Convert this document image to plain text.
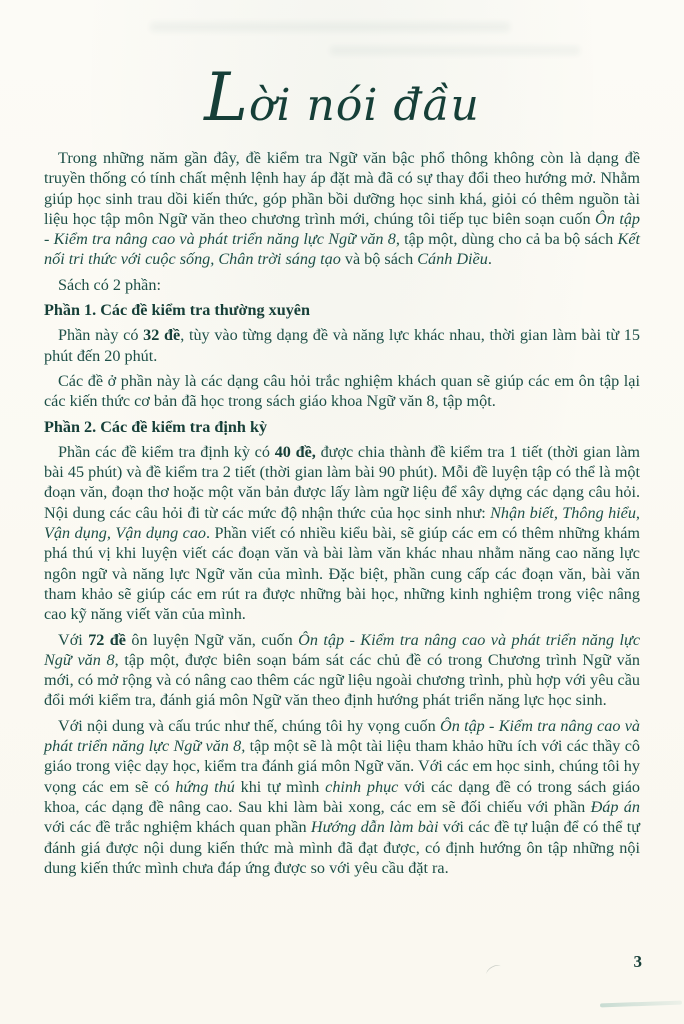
Lời nói đầu

Trong những năm gần đây, đề kiểm tra Ngữ văn bậc phổ thông không còn là dạng đề truyền thống có tính chất mệnh lệnh hay áp đặt mà đã có sự thay đổi theo hướng mở. Nhằm giúp học sinh trau dồi kiến thức, góp phần bồi dưỡng học sinh khá, giỏi có thêm nguồn tài liệu học tập môn Ngữ văn theo chương trình mới, chúng tôi tiếp tục biên soạn cuốn Ôn tập - Kiểm tra nâng cao và phát triển năng lực Ngữ văn 8, tập một, dùng cho cả ba bộ sách Kết nối tri thức với cuộc sống, Chân trời sáng tạo và bộ sách Cánh Diều.

Sách có 2 phần:

Phần 1. Các đề kiểm tra thường xuyên

Phần này có 32 đề, tùy vào từng dạng đề và năng lực khác nhau, thời gian làm bài từ 15 phút đến 20 phút.

Các đề ở phần này là các dạng câu hỏi trắc nghiệm khách quan sẽ giúp các em ôn tập lại các kiến thức cơ bản đã học trong sách giáo khoa Ngữ văn 8, tập một.

Phần 2. Các đề kiểm tra định kỳ

Phần các đề kiểm tra định kỳ có 40 đề, được chia thành đề kiểm tra 1 tiết (thời gian làm bài 45 phút) và đề kiểm tra 2 tiết (thời gian làm bài 90 phút). Mỗi đề luyện tập có thể là một đoạn văn, đoạn thơ hoặc một văn bản được lấy làm ngữ liệu để xây dựng các dạng câu hỏi. Nội dung các câu hỏi đi từ các mức độ nhận thức của học sinh như: Nhận biết, Thông hiểu, Vận dụng, Vận dụng cao. Phần viết có nhiều kiểu bài, sẽ giúp các em có thêm những khám phá thú vị khi luyện viết các đoạn văn và bài làm văn khác nhau nhằm năng cao năng lực ngôn ngữ và năng lực Ngữ văn của mình. Đặc biệt, phần cung cấp các đoạn văn, bài văn tham khảo sẽ giúp các em rút ra được những bài học, những kinh nghiệm trong việc nâng cao kỹ năng viết văn của mình.

Với 72 đề ôn luyện Ngữ văn, cuốn Ôn tập - Kiểm tra nâng cao và phát triển năng lực Ngữ văn 8, tập một, được biên soạn bám sát các chủ đề có trong Chương trình Ngữ văn mới, có mở rộng và có nâng cao thêm các ngữ liệu ngoài chương trình, phù hợp với yêu cầu đổi mới kiểm tra, đánh giá môn Ngữ văn theo định hướng phát triển năng lực học sinh.

Với nội dung và cấu trúc như thế, chúng tôi hy vọng cuốn Ôn tập - Kiểm tra nâng cao và phát triển năng lực Ngữ văn 8, tập một sẽ là một tài liệu tham khảo hữu ích với các thầy cô giáo trong việc dạy học, kiểm tra đánh giá môn Ngữ văn. Với các em học sinh, chúng tôi hy vọng các em sẽ có hứng thú khi tự mình chinh phục với các dạng đề có trong sách giáo khoa, các dạng đề nâng cao. Sau khi làm bài xong, các em sẽ đối chiếu với phần Đáp án với các đề trắc nghiệm khách quan phần Hướng dẫn làm bài với các đề tự luận để có thể tự đánh giá được nội dung kiến thức mà mình đã đạt được, có định hướng ôn tập những nội dung kiến thức mình chưa đáp ứng được so với yêu cầu đặt ra.

3
